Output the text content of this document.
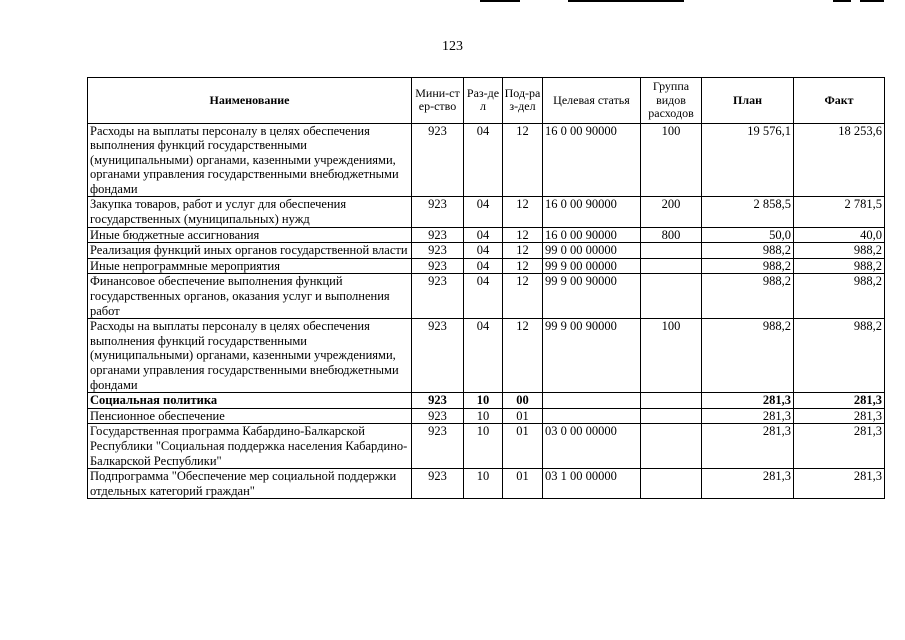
123
Наименование	Мини-стер-ство	Раз-дел	Под-раз-дел	Целевая статья	Группа видов расходов	План	Факт
Расходы на выплаты персоналу в целях обеспечения выполнения функций государственными (муниципальными) органами, казенными учреждениями, органами управления государственными внебюджетными фондами	923	04	12	16 0 00 90000	100	19 576,1	18 253,6
Закупка товаров, работ и услуг для обеспечения государственных (муниципальных) нужд	923	04	12	16 0 00 90000	200	2 858,5	2 781,5
Иные бюджетные ассигнования	923	04	12	16 0 00 90000	800	50,0	40,0
Реализация функций иных органов государственной власти	923	04	12	99 0 00 00000		988,2	988,2
Иные непрограммные мероприятия	923	04	12	99 9 00 00000		988,2	988,2
Финансовое обеспечение выполнения функций государственных органов, оказания услуг и выполнения работ	923	04	12	99 9 00 90000		988,2	988,2
Расходы на выплаты персоналу в целях обеспечения выполнения функций государственными (муниципальными) органами, казенными учреждениями, органами управления государственными внебюджетными фондами	923	04	12	99 9 00 90000	100	988,2	988,2
Социальная политика	923	10	00			281,3	281,3
Пенсионное обеспечение	923	10	01			281,3	281,3
Государственная программа Кабардино-Балкарской Республики "Социальная поддержка населения Кабардино-Балкарской Республики"	923	10	01	03 0 00 00000		281,3	281,3
Подпрограмма "Обеспечение мер социальной поддержки отдельных категорий граждан"	923	10	01	03 1 00 00000		281,3	281,3
